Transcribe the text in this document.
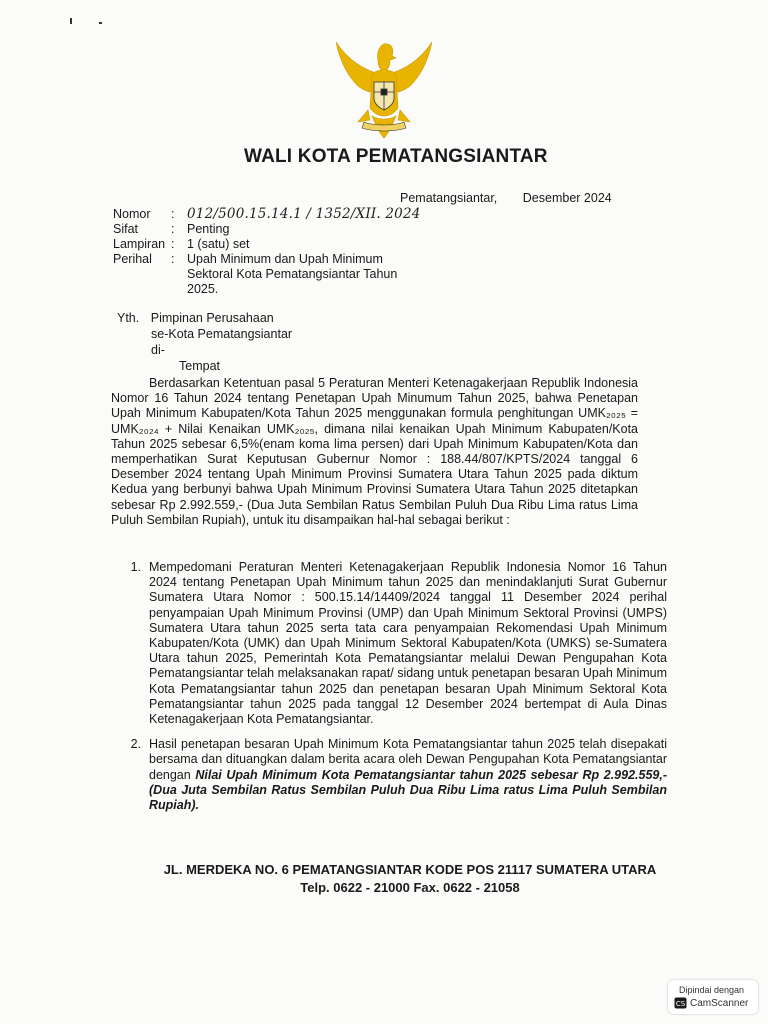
WALI KOTA PEMATANGSIANTAR
Pematangsiantar, Desember 2024
Nomor	: 012/500.15.14.1 / 1352/XII. 2024
Sifat	:	Penting
Lampiran :	1 (satu) set
Perihal	:	Upah Minimum dan Upah Minimum Sektoral Kota Pematangsiantar Tahun 2025.
Yth. Pimpinan Perusahaan
se-Kota Pematangsiantar
di-
Tempat
Berdasarkan Ketentuan pasal 5 Peraturan Menteri Ketenagakerjaan Republik Indonesia Nomor 16 Tahun 2024 tentang Penetapan Upah Minumum Tahun 2025, bahwa Penetapan Upah Minimum Kabupaten/Kota Tahun 2025 menggunakan formula penghitungan UMK₂₀₂₅ = UMK₂₀₂₄ + Nilai Kenaikan UMK₂₀₂₅, dimana nilai kenaikan Upah Minimum Kabupaten/Kota Tahun 2025 sebesar 6,5%(enam koma lima persen) dari Upah Minimum Kabupaten/Kota dan memperhatikan Surat Keputusan Gubernur Nomor : 188.44/807/KPTS/2024 tanggal 6 Desember 2024 tentang Upah Minimum Provinsi Sumatera Utara Tahun 2025 pada diktum Kedua yang berbunyi bahwa Upah Minimum Provinsi Sumatera Utara Tahun 2025 ditetapkan sebesar Rp 2.992.559,- (Dua Juta Sembilan Ratus Sembilan Puluh Dua Ribu Lima ratus Lima Puluh Sembilan Rupiah), untuk itu disampaikan hal-hal sebagai berikut :
1. Mempedomani Peraturan Menteri Ketenagakerjaan Republik Indonesia Nomor 16 Tahun 2024 tentang Penetapan Upah Minimum tahun 2025 dan menindaklanjuti Surat Gubernur Sumatera Utara Nomor : 500.15.14/14409/2024 tanggal 11 Desember 2024 perihal penyampaian Upah Minimum Provinsi (UMP) dan Upah Minimum Sektoral Provinsi (UMPS) Sumatera Utara tahun 2025 serta tata cara penyampaian Rekomendasi Upah Minimum Kabupaten/Kota (UMK) dan Upah Minimum Sektoral Kabupaten/Kota (UMKS) se-Sumatera Utara tahun 2025, Pemerintah Kota Pematangsiantar melalui Dewan Pengupahan Kota Pematangsiantar telah melaksanakan rapat/ sidang untuk penetapan besaran Upah Minimum Kota Pematangsiantar tahun 2025 dan penetapan besaran Upah Minimum Sektoral Kota Pematangsiantar tahun 2025 pada tanggal 12 Desember 2024 bertempat di Aula Dinas Ketenagakerjaan Kota Pematangsiantar.
2. Hasil penetapan besaran Upah Minimum Kota Pematangsiantar tahun 2025 telah disepakati bersama dan dituangkan dalam berita acara oleh Dewan Pengupahan Kota Pematangsiantar dengan Nilai Upah Minimum Kota Pematangsiantar tahun 2025 sebesar Rp 2.992.559,- (Dua Juta Sembilan Ratus Sembilan Puluh Dua Ribu Lima ratus Lima Puluh Sembilan Rupiah).
JL. MERDEKA NO. 6 PEMATANGSIANTAR KODE POS 21117 SUMATERA UTARA
Telp. 0622 - 21000 Fax. 0622 - 21058
Dipindai dengan
CS CamScanner
